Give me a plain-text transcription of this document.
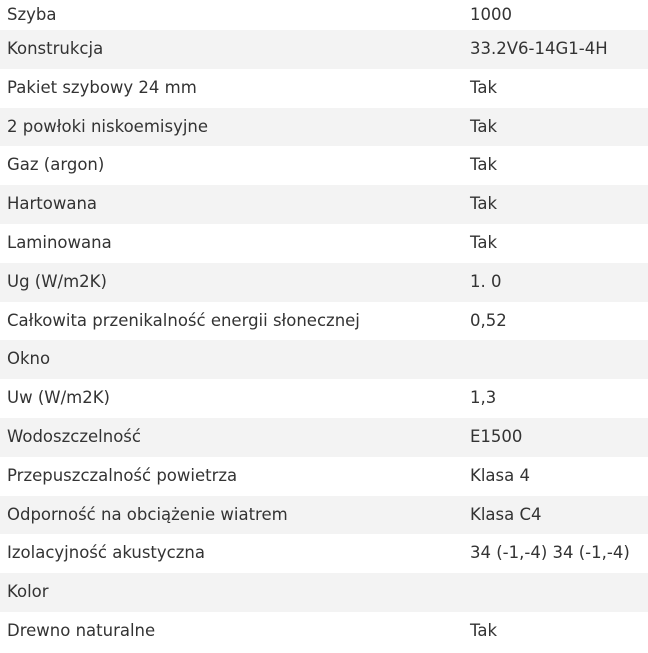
Szyba	1000
Konstrukcja	33.2V6-14G1-4H
Pakiet szybowy 24 mm	Tak
2 powłoki niskoemisyjne	Tak
Gaz (argon)	Tak
Hartowana	Tak
Laminowana	Tak
Ug (W/m2K)	1. 0
Całkowita przenikalność energii słonecznej	0,52
Okno	
Uw (W/m2K)	1,3
Wodoszczelność	E1500
Przepuszczalność powietrza	Klasa 4
Odporność na obciążenie wiatrem	Klasa C4
Izolacyjność akustyczna	34 (-1,-4) 34 (-1,-4)
Kolor	
Drewno naturalne	Tak
